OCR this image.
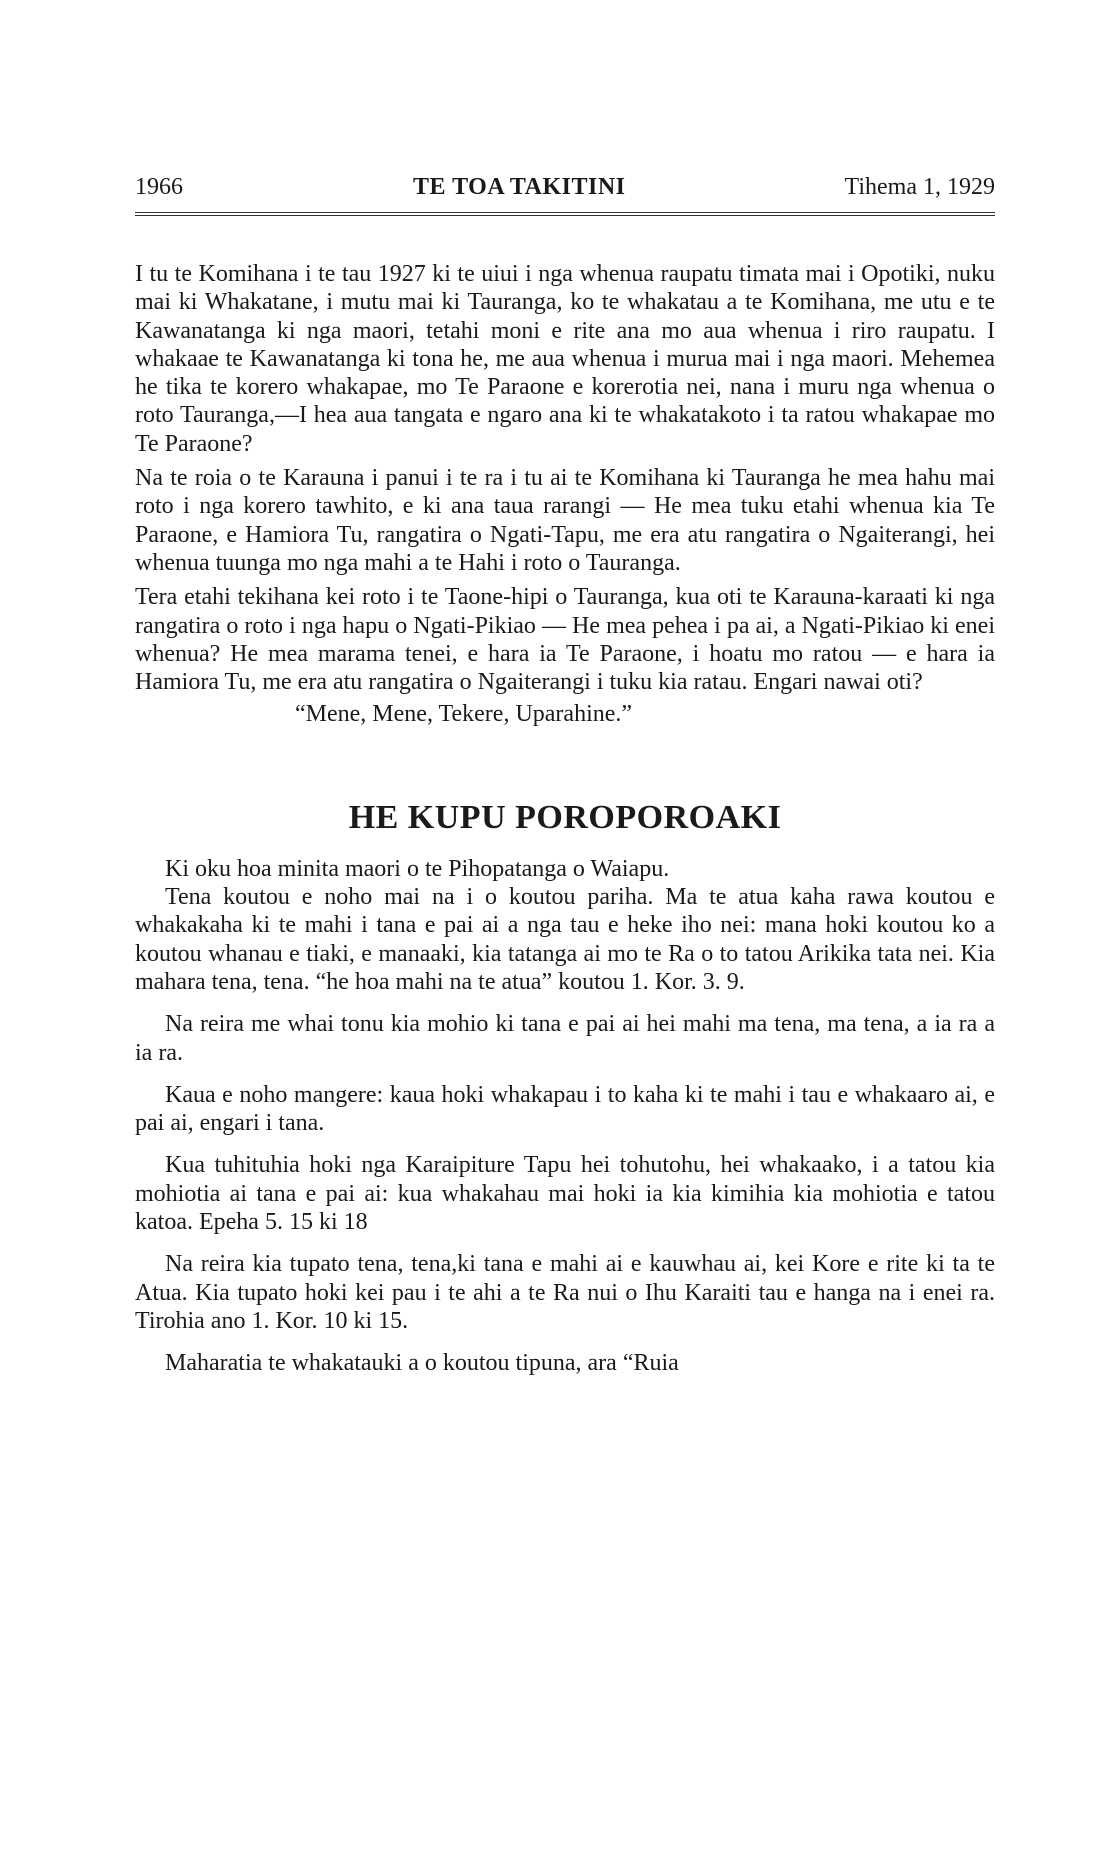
1966	TE TOA TAKITINI	Tihema 1, 1929

I tu te Komihana i te tau 1927 ki te uiui i nga whenua raupatu timata mai i Opotiki, nuku mai ki Whakatane, i mutu mai ki Tauranga, ko te whakatau a te Komihana, me utu e te Kawanatanga ki nga maori, tetahi moni e rite ana mo aua whenua i riro raupatu. I whakaae te Kawanatanga ki tona he, me aua whenua i murua mai i nga maori. Mehemea he tika te korero whakapae, mo Te Paraone e korerotia nei, nana i muru nga whenua o roto Tauranga,—I hea aua tangata e ngaro ana ki te whakatakoto i ta ratou whakapae mo Te Paraone?

Na te roia o te Karauna i panui i te ra i tu ai te Komihana ki Tauranga he mea hahu mai roto i nga korero tawhito, e ki ana taua rarangi — He mea tuku etahi whenua kia Te Paraone, e Hamiora Tu, rangatira o Ngati-Tapu, me era atu rangatira o Ngaiterangi, hei whenua tuunga mo nga mahi a te Hahi i roto o Tauranga.

Tera etahi tekihana kei roto i te Taone-hipi o Tauranga, kua oti te Karauna-karaati ki nga rangatira o roto i nga hapu o Ngati-Pikiao — He mea pehea i pa ai, a Ngati-Pikiao ki enei whenua? He mea marama tenei, e hara ia Te Paraone, i hoatu mo ratou — e hara ia Hamiora Tu, me era atu rangatira o Ngaiterangi i tuku kia ratau. Engari nawai oti?

“Mene, Mene, Tekere, Uparahine.”

HE KUPU POROPOROAKI

Ki oku hoa minita maori o te Pihopatanga o Waiapu.

Tena koutou e noho mai na i o koutou pariha. Ma te atua kaha rawa koutou e whakakaha ki te mahi i tana e pai ai a nga tau e heke iho nei: mana hoki koutou ko a koutou whanau e tiaki, e manaaki, kia tatanga ai mo te Ra o to tatou Arikika tata nei. Kia mahara tena, tena. “he hoa mahi na te atua” koutou 1. Kor. 3. 9.

Na reira me whai tonu kia mohio ki tana e pai ai hei mahi ma tena, ma tena, a ia ra a ia ra.

Kaua e noho mangere: kaua hoki whakapau i to kaha ki te mahi i tau e whakaaro ai, e pai ai, engari i tana.

Kua tuhituhia hoki nga Karaipiture Tapu hei tohutohu, hei whakaako, i a tatou kia mohiotia ai tana e pai ai: kua whakahau mai hoki ia kia kimihia kia mohiotia e tatou katoa. Epeha 5. 15 ki 18

Na reira kia tupato tena, tena,ki tana e mahi ai e kauwhau ai, kei Kore e rite ki ta te Atua. Kia tupato hoki kei pau i te ahi a te Ra nui o Ihu Karaiti tau e hanga na i enei ra. Tirohia ano 1. Kor. 10 ki 15.

Maharatia te whakatauki a o koutou tipuna, ara “Ruia
